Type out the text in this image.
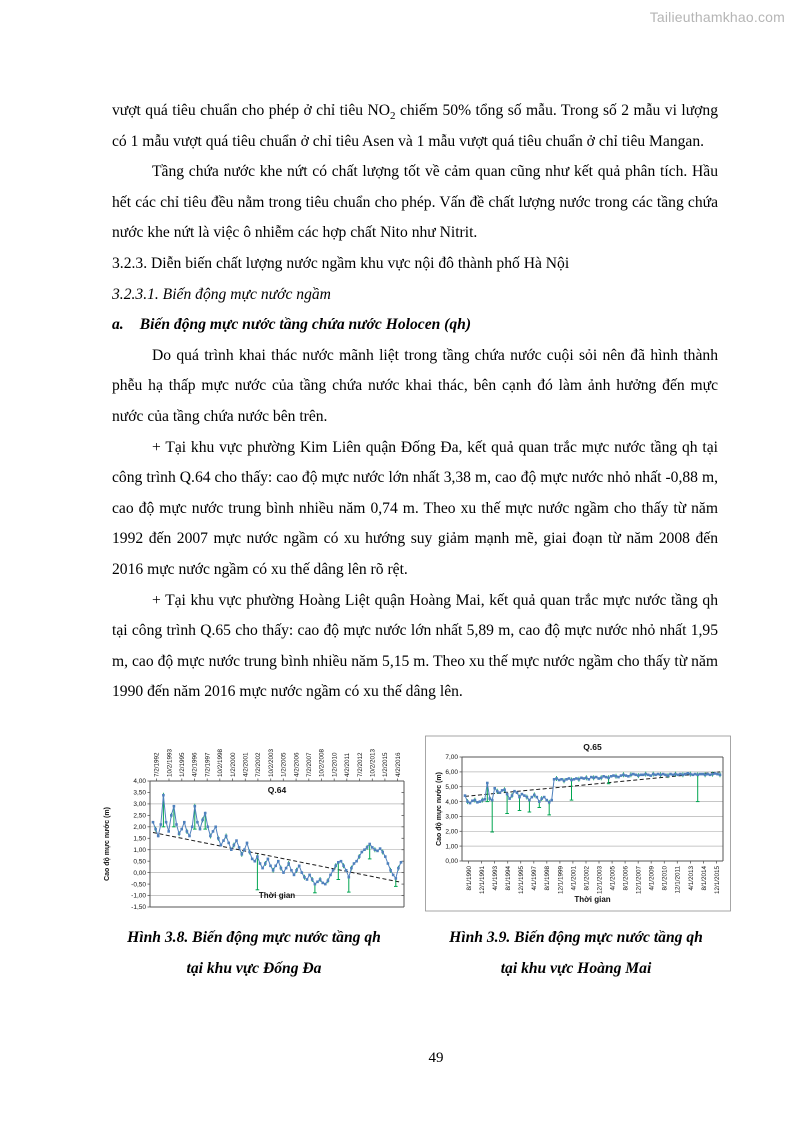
Tailieuthamkhao.com

vượt quá tiêu chuẩn cho phép ở chỉ tiêu $NO_2$ chiếm 50% tổng số mẫu. Trong số 2 mẫu vi lượng có 1 mẫu vượt quá tiêu chuẩn ở chỉ tiêu Asen và 1 mẫu vượt quá tiêu chuẩn ở chỉ tiêu Mangan.

Tầng chứa nước khe nứt có chất lượng tốt về cảm quan cũng như kết quả phân tích. Hầu hết các chỉ tiêu đều nằm trong tiêu chuẩn cho phép. Vấn đề chất lượng nước trong các tầng chứa nước khe nứt là việc ô nhiễm các hợp chất Nito như Nitrit.

3.2.3. Diễn biến chất lượng nước ngầm khu vực nội đô thành phố Hà Nội

3.2.3.1. Biến động mực nước ngầm

a. Biến động mực nước tầng chứa nước Holocen (qh)

Do quá trình khai thác nước mãnh liệt trong tầng chứa nước cuội sỏi nên đã hình thành phễu hạ thấp mực nước của tầng chứa nước khai thác, bên cạnh đó làm ảnh hưởng đến mực nước của tầng chứa nước bên trên.

+ Tại khu vực phường Kim Liên quận Đống Đa, kết quả quan trắc mực nước tầng qh tại công trình Q.64 cho thấy: cao độ mực nước lớn nhất 3,38 m, cao độ mực nước nhỏ nhất -0,88 m, cao độ mực nước trung bình nhiều năm 0,74 m. Theo xu thế mực nước ngầm cho thấy từ năm 1992 đến 2007 mực nước ngầm có xu hướng suy giảm mạnh mẽ, giai đoạn từ năm 2008 đến 2016 mực nước ngầm có xu thế dâng lên rõ rệt.

+ Tại khu vực phường Hoàng Liệt quận Hoàng Mai, kết quả quan trắc mực nước tầng qh tại công trình Q.65 cho thấy: cao độ mực nước lớn nhất 5,89 m, cao độ mực nước nhỏ nhất 1,95 m, cao độ mực nước trung bình nhiều năm 5,15 m. Theo xu thế mực nước ngầm cho thấy từ năm 1990 đến năm 2016 mực nước ngầm có xu thế dâng lên.

4,00
3,50
3,00
2,50
2,00
1,50
1,00
0,50
0,00
-0,50
-1,00
-1,50
7/2/1992 10/2/1993 1/2/1995 4/2/1996 7/2/1997 10/2/1998 1/2/2000 4/2/2001 7/2/2002 10/2/2003 1/2/2005 4/2/2006 7/2/2007 10/2/2008 1/2/2010 4/2/2011 7/2/2012 10/2/2013 1/2/2015 4/2/2016
Q.64
Thời gian
Cao độ mực nước (m)
7,00
6,00
5,00
4,00
3,00
2,00
1,00
0,00
8/1/1990 12/1/1991 4/1/1993 8/1/1994 12/1/1995 4/1/1997 8/1/1998 12/1/1999 4/1/2001 8/1/2002 12/1/2003 4/1/2005 8/1/2006 12/1/2007 4/1/2009 8/1/2010 12/1/2011 4/1/2013 8/1/2014 12/1/2015
Q.65
Thời gian
Cao độ mực nước (m)
Hình 3.8. Biến động mực nước tầng qh
tại khu vực Đống Đa
Hình 3.9. Biến động mực nước tầng qh
tại khu vực Hoàng Mai
49
